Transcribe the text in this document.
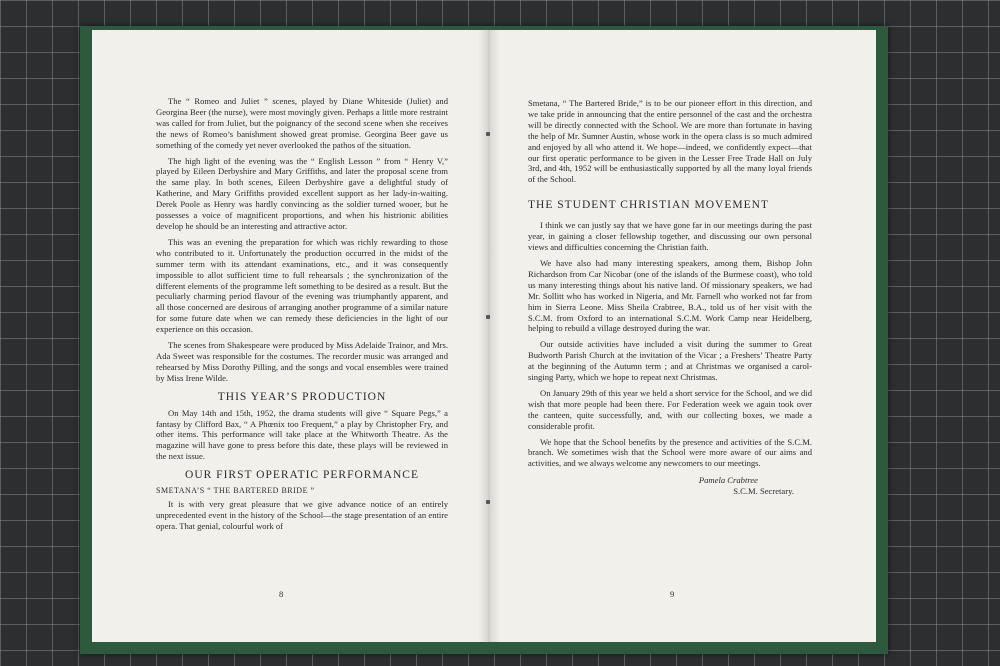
The “ Romeo and Juliet ” scenes, played by Diane Whiteside (Juliet) and Georgina Beer (the nurse), were most movingly given. Perhaps a little more restraint was called for from Juliet, but the poignancy of the second scene when she receives the news of Romeo’s banishment showed great promise. Georgina Beer gave us something of the comedy yet never overlooked the pathos of the situation.

The high light of the evening was the “ English Lesson ” from “ Henry V,” played by Eileen Derbyshire and Mary Griffiths, and later the proposal scene from the same play. In both scenes, Eileen Derbyshire gave a delightful study of Katherine, and Mary Griffiths provided excellent support as her lady-in-waiting. Derek Poole as Henry was hardly convincing as the soldier turned wooer, but he possesses a voice of magnificent proportions, and when his histrionic abilities develop he should be an interesting and attractive actor.

This was an evening the preparation for which was richly rewarding to those who contributed to it. Unfortunately the production occurred in the midst of the summer term with its attendant examinations, etc., and it was consequently impossible to allot sufficient time to full rehearsals ; the synchronization of the different elements of the programme left something to be desired as a result. But the peculiarly charming period flavour of the evening was triumphantly apparent, and all those concerned are desirous of arranging another programme of a similar nature for some future date when we can remedy these deficiencies in the light of our experience on this occasion.

The scenes from Shakespeare were produced by Miss Adelaide Trainor, and Mrs. Ada Sweet was responsible for the costumes. The recorder music was arranged and rehearsed by Miss Dorothy Pilling, and the songs and vocal ensembles were trained by Miss Irene Wilde.

THIS YEAR’S PRODUCTION

On May 14th and 15th, 1952, the drama students will give “ Square Pegs,” a fantasy by Clifford Bax, “ A Phœnix too Frequent,” a play by Christopher Fry, and other items. This performance will take place at the Whitworth Theatre. As the magazine will have gone to press before this date, these plays will be reviewed in the next issue.

OUR FIRST OPERATIC PERFORMANCE
SMETANA’S “ THE BARTERED BRIDE ”

It is with very great pleasure that we give advance notice of an entirely unprecedented event in the history of the School—the stage presentation of an entire opera. That genial, colourful work of

8

Smetana, “ The Bartered Bride,” is to be our pioneer effort in this direction, and we take pride in announcing that the entire personnel of the cast and the orchestra will be directly connected with the School. We are more than fortunate in having the help of Mr. Sumner Austin, whose work in the opera class is so much admired and enjoyed by all who attend it. We hope—indeed, we confidently expect—that our first operatic performance to be given in the Lesser Free Trade Hall on July 3rd, and 4th, 1952 will be enthusiastically supported by all the many loyal friends of the School.

THE STUDENT CHRISTIAN MOVEMENT

I think we can justly say that we have gone far in our meetings during the past year, in gaining a closer fellowship together, and discussing our own personal views and difficulties concerning the Christian faith.

We have also had many interesting speakers, among them, Bishop John Richardson from Car Nicobar (one of the islands of the Burmese coast), who told us many interesting things about his native land. Of missionary speakers, we had Mr. Sollitt who has worked in Nigeria, and Mr. Farnell who worked not far from him in Sierra Leone. Miss Sheila Crabtree, B.A., told us of her visit with the S.C.M. from Oxford to an international S.C.M. Work Camp near Heidelberg, helping to rebuild a village destroyed during the war.

Our outside activities have included a visit during the summer to Great Budworth Parish Church at the invitation of the Vicar ; a Freshers’ Theatre Party at the beginning of the Autumn term ; and at Christmas we organised a carol-singing Party, which we hope to repeat next Christmas.

On January 29th of this year we held a short service for the School, and we did wish that more people had been there. For Federation week we again took over the canteen, quite successfully, and, with our collecting boxes, we made a considerable profit.

We hope that the School benefits by the presence and activities of the S.C.M. branch. We sometimes wish that the School were more aware of our aims and activities, and we always welcome any newcomers to our meetings.

Pamela Crabtree
S.C.M. Secretary.
9
